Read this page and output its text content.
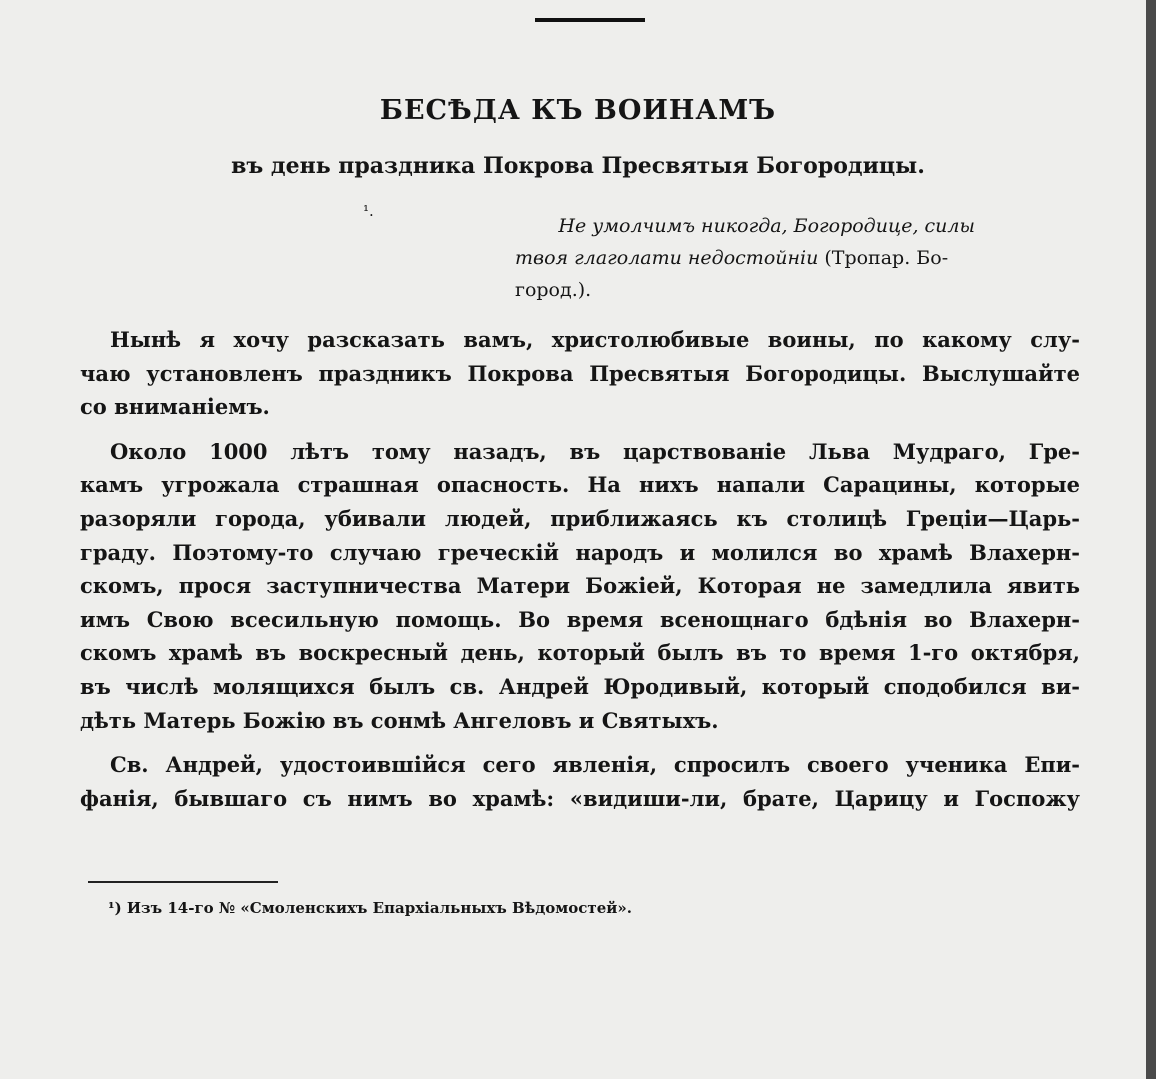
БЕСѢДА КЪ ВОИНАМЪ
въ день праздника Покрова Пресвятыя Богородицы.
¹.
Не умолчимъ никогда, Богородице, силы
твоя глаголати недостойніи (Тропар. Бо-
город.).

Нынѣ я хочу разсказать вамъ, христолюбивые воины, по какому слу-
чаю установленъ праздникъ Покрова Пресвятыя Богородицы. Выслушайте
со вниманіемъ.

Около 1000 лѣтъ тому назадъ, въ царствованіе Льва Мудраго, Гре-
камъ угрожала страшная опасность. На нихъ напали Сарацины, которые
разоряли города, убивали людей, приближаясь къ столицѣ Греціи—Царь-
граду. Поэтому-то случаю греческій народъ и молился во храмѣ Влахерн-
скомъ, прося заступничества Матери Божіей, Которая не замедлила явить
имъ Свою всесильную помощь. Во время всенощнаго бдѣнія во Влахерн-
скомъ храмѣ въ воскресный день, который былъ въ то время 1-го октября,
въ числѣ молящихся былъ св. Андрей Юродивый, который сподобился ви-
дѣть Матерь Божію въ сонмѣ Ангеловъ и Святыхъ.

Св. Андрей, удостоившійся сего явленія, спросилъ своего ученика Епи-
фанія, бывшаго съ нимъ во храмѣ: «видиши-ли, брате, Царицу и Госпожу

¹) Изъ 14-го № «Смоленскихъ Епархіальныхъ Вѣдомостей».
